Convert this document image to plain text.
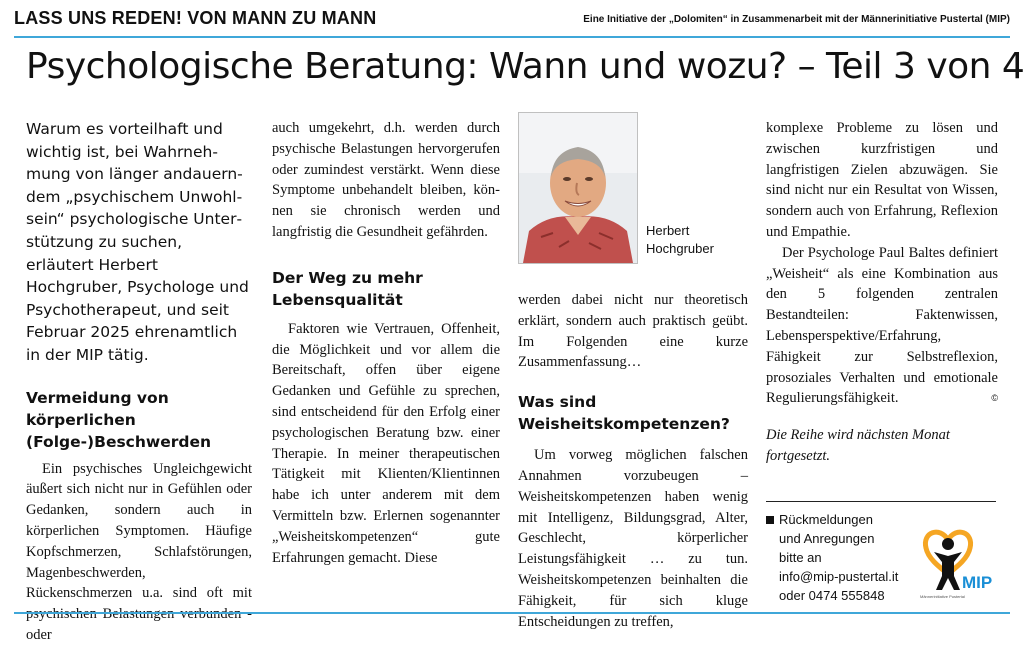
LASS UNS REDEN! VON MANN ZU MANN	Eine Initiative der „Dolomiten“ in Zusammenarbeit mit der Männerinitiative Pustertal (MIP)
Psychologische Beratung: Wann und wozu? – Teil 3 von 4
Warum es vorteilhaft und wichtig ist, bei Wahrnehmung von länger andauerndem „psychischem Unwohlsein“ psychologische Unterstützung zu suchen, erläutert Herbert Hochgruber, Psychologe und Psychotherapeut, und seit Februar 2025 ehrenamtlich in der MIP tätig.
Vermeidung von körperlichen (Folge-)Beschwerden

Ein psychisches Ungleichgewicht äußert sich nicht nur in Gefühlen oder Gedanken, sondern auch in körperlichen Symptomen. Häufige Kopfschmerzen, Schlafstörungen, Magenbeschwerden, Rückenschmerzen u.a. sind oft mit psychischen Belastungen verbunden - oder

auch umgekehrt, d.h. werden durch psychische Belastungen hervorgerufen oder zumindest verstärkt. Wenn diese Symptome unbehandelt bleiben, können sie chronisch werden und langfristig die Gesundheit gefährden.

Der Weg zu mehr Lebensqualität

Faktoren wie Vertrauen, Offenheit, die Möglichkeit und vor allem die Bereitschaft, offen über eigene Gedanken und Gefühle zu sprechen, sind entscheidend für den Erfolg einer psychologischen Beratung bzw. einer Therapie. In meiner therapeutischen Tätigkeit mit Klienten/Klientinnen habe ich unter anderem mit dem Vermitteln bzw. Erlernen sogenannter „Weisheitskompetenzen“ gute Erfahrungen gemacht. Diese

Herbert
Hochgruber

werden dabei nicht nur theoretisch erklärt, sondern auch praktisch geübt. Im Folgenden eine kurze Zusammenfassung…

Was sind Weisheitskompetenzen?

Um vorweg möglichen falschen Annahmen vorzubeugen – Weisheitskompetenzen haben wenig mit Intelligenz, Bildungsgrad, Alter, Geschlecht, körperlicher Leistungsfähigkeit … zu tun. Weisheitskompetenzen beinhalten die Fähigkeit, für sich kluge Entscheidungen zu treffen,

komplexe Probleme zu lösen und zwischen kurzfristigen und langfristigen Zielen abzuwägen. Sie sind nicht nur ein Resultat von Wissen, sondern auch von Erfahrung, Reflexion und Empathie.

Der Psychologe Paul Baltes definiert „Weisheit“ als eine Kombination aus den 5 folgenden zentralen Bestandteilen: Faktenwissen, Lebensperspektive/Erfahrung, Fähigkeit zur Selbstreflexion, prosoziales Verhalten und emotionale Regulierungsfähigkeit.	©

Die Reihe wird nächsten Monat fortgesetzt.
Rückmeldungen
und Anregungen
bitte an
info@mip-pustertal.it
oder 0474 555848
MIP
Männerinitiative Pustertal
